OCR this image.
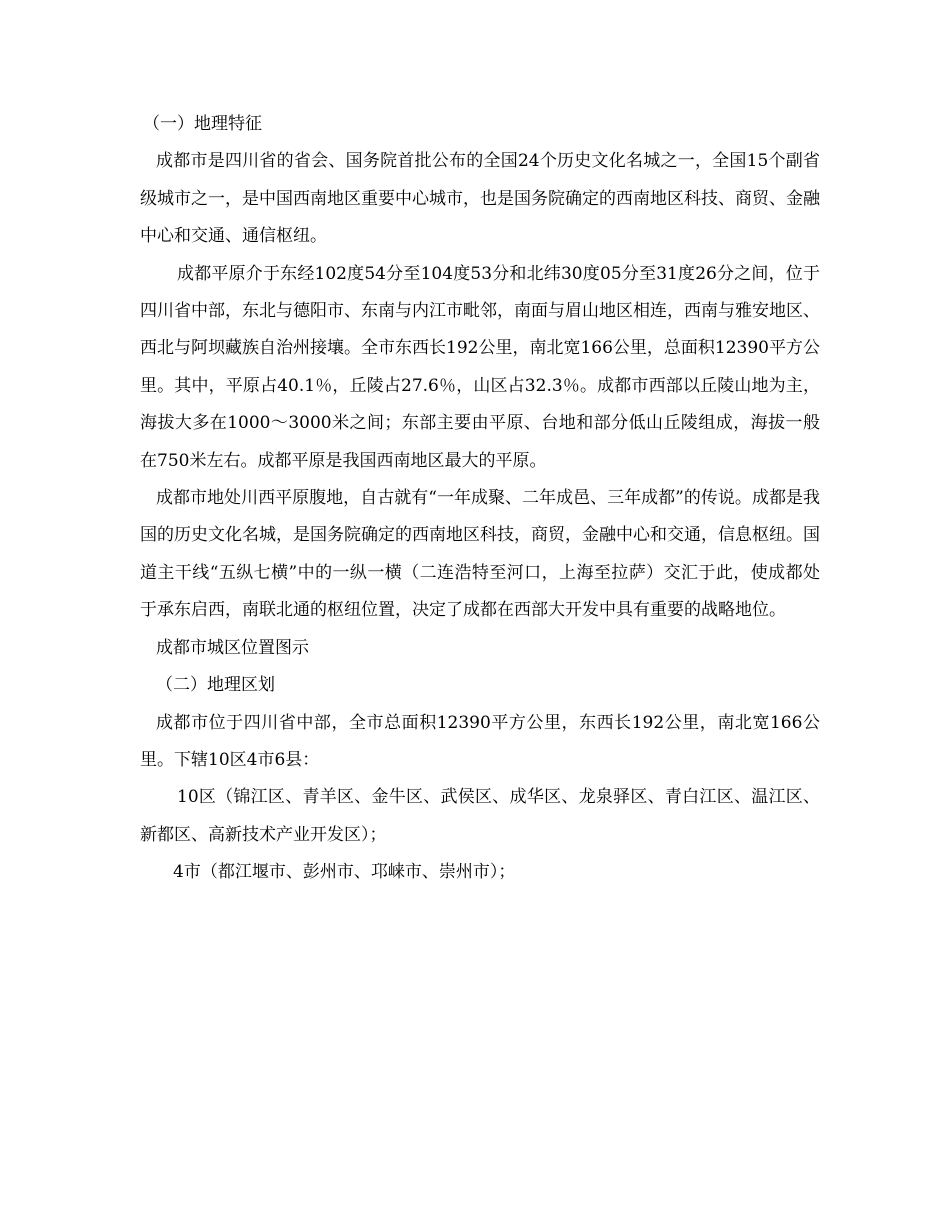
（一）地理特征

成都市是四川省的省会、国务院首批公布的全国24个历史文化名城之一，全国15个副省级城市之一，是中国西南地区重要中心城市，也是国务院确定的西南地区科技、商贸、金融中心和交通、通信枢纽。

成都平原介于东经102度54分至104度53分和北纬30度05分至31度26分之间，位于四川省中部，东北与德阳市、东南与内江市毗邻，南面与眉山地区相连，西南与雅安地区、西北与阿坝藏族自治州接壤。全市东西长192公里，南北宽166公里，总面积12390平方公里。其中，平原占40.1％，丘陵占27.6％，山区占32.3％。成都市西部以丘陵山地为主，海拔大多在1000～3000米之间；东部主要由平原、台地和部分低山丘陵组成，海拔一般在750米左右。成都平原是我国西南地区最大的平原。

成都市地处川西平原腹地，自古就有“一年成聚、二年成邑、三年成都”的传说。成都是我国的历史文化名城，是国务院确定的西南地区科技，商贸，金融中心和交通，信息枢纽。国道主干线“五纵七横”中的一纵一横（二连浩特至河口，上海至拉萨）交汇于此，使成都处于承东启西，南联北通的枢纽位置，决定了成都在西部大开发中具有重要的战略地位。

成都市城区位置图示

（二）地理区划

成都市位于四川省中部，全市总面积12390平方公里，东西长192公里，南北宽166公里。下辖10区4市6县：

10区（锦江区、青羊区、金牛区、武侯区、成华区、龙泉驿区、青白江区、温江区、新都区、高新技术产业开发区）；

4市（都江堰市、彭州市、邛崃市、崇州市）；
